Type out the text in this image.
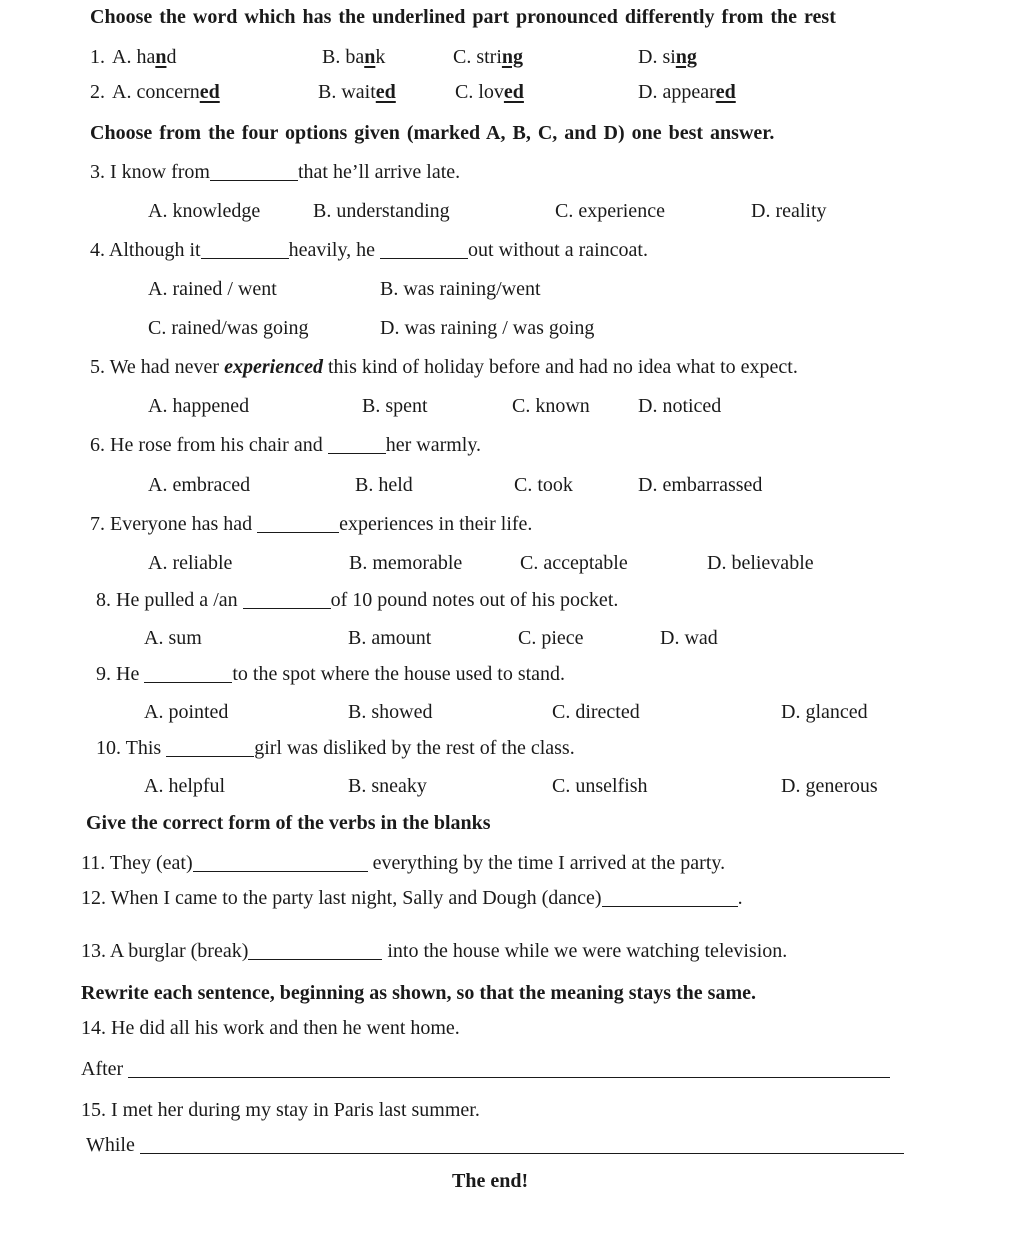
Choose the word which has the underlined part pronounced differently from the rest
1. A. hand	B. bank	C. string	D. sing
2. A. concerned	B. waited	C. loved	D. appeared
Choose from the four options given (marked A, B, C, and D) one best answer.
3. I know from	that he’ll arrive late.
A. knowledge	B. understanding	C. experience	D. reality
4. Although it	heavily, he	out without a raincoat.
A. rained / went	B. was raining/went
C. rained/was going	D. was raining / was going
5. We had never experienced this kind of holiday before and had no idea what to expect.
A. happened	B. spent	C. known D. noticed
6. He rose from his chair and	her warmly.
A. embraced	B. held	C. took	D. embarrassed
7. Everyone has had	experiences in their life.
A. reliable	B. memorable	C. acceptable	D. believable
8. He pulled a /an	of 10 pound notes out of his pocket.
A. sum	B. amount	C. piece	D. wad
9. He	to the spot where the house used to stand.
A. pointed	B. showed	C. directed	D. glanced
10. This	girl was disliked by the rest of the class.
A. helpful	B. sneaky	C. unselfish	D. generous
Give the correct form of the verbs in the blanks
11. They (eat)	everything by the time I arrived at the party.
12. When I came to the party last night, Sally and Dough (dance)	.
13. A burglar (break)	into the house while we were watching television.
Rewrite each sentence, beginning as shown, so that the meaning stays the same.
14. He did all his work and then he went home.
After
15. I met her during my stay in Paris last summer.
While
The end!
